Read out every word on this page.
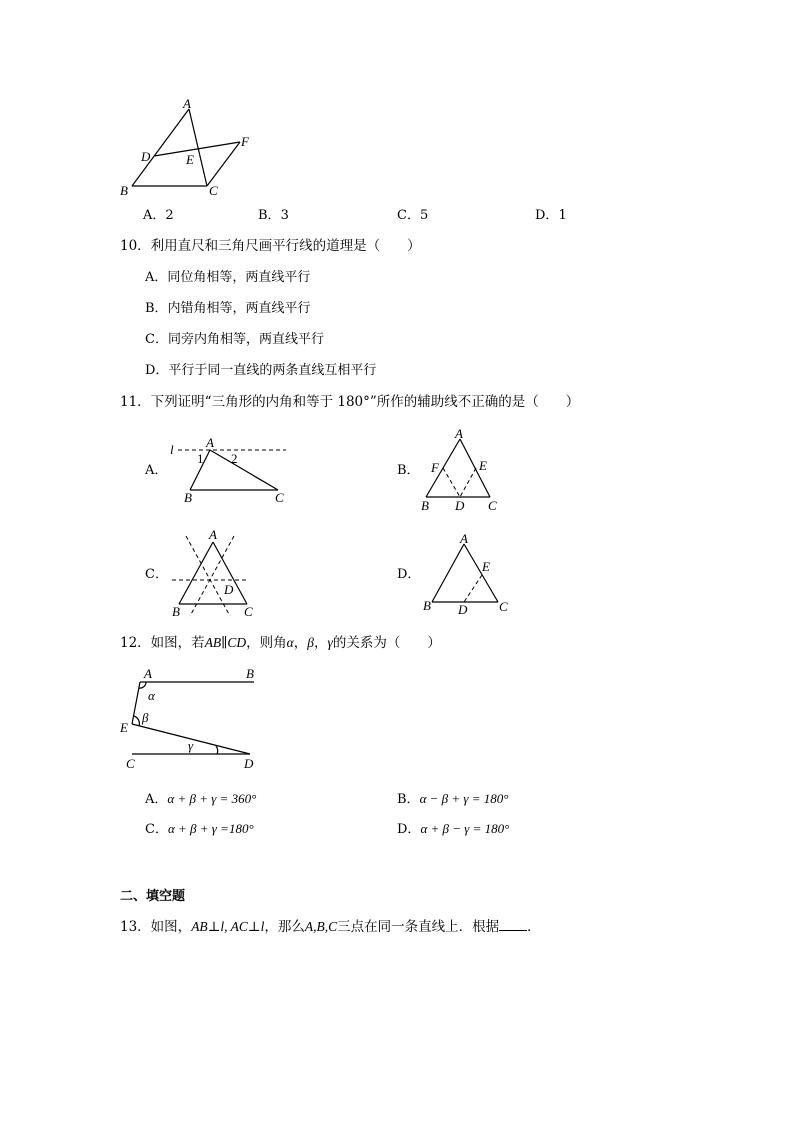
A
B	C
D	E
F
A．2	B．3	C．5	D．1
10．利用直尺和三角尺画平行线的道理是（　　）
A．同位角相等，两直线平行
B．内错角相等，两直线平行
C．同旁内角相等，两直线平行
D．平行于同一直线的两条直线互相平行
11．下列证明“三角形的内角和等于 180°”所作的辅助线不正确的是（　　）
A．
l A
B	C
1 2
B．
A
B D C
F	E
C．
A
B	C
D
D．
A
B D C
E
12．如图，若AB∥CD，则角α，β，γ的关系为（　　）
A	B
E
C	D
α
β
γ
A．α + β + γ = 360°	B．α − β + γ = 180°
C．α + β + γ =180°	D．α + β − γ = 180°
二、填空题
13．如图，AB⊥l, AC⊥l，那么A,B,C三点在同一条直线上．根据 ．
